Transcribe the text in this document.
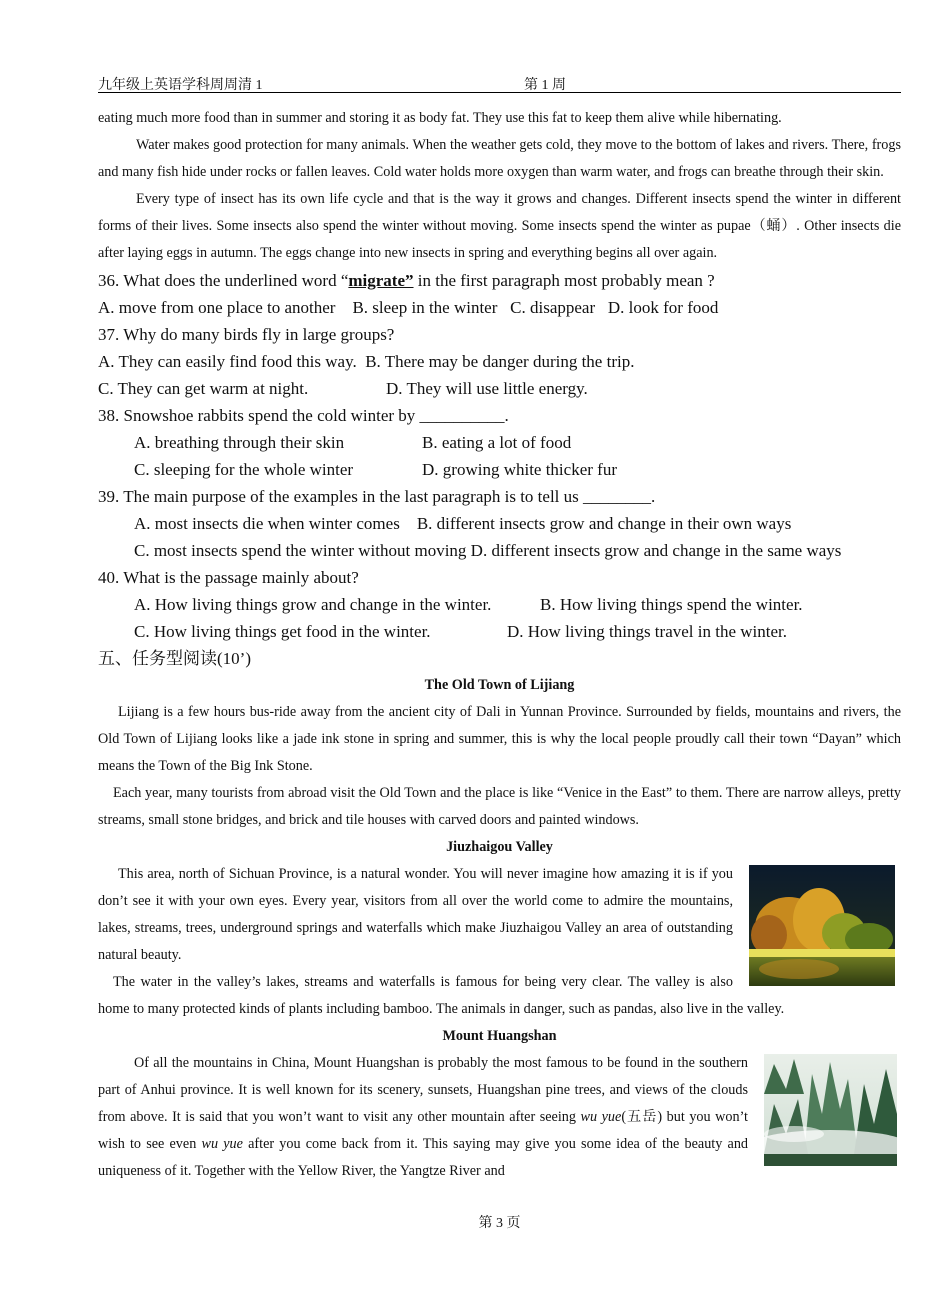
九年级上英语学科周周清 1	第 1 周

eating much more food than in summer and storing it as body fat. They use this fat to keep them alive while hibernating.

Water makes good protection for many animals. When the weather gets cold, they move to the bottom of lakes and rivers. There, frogs and many fish hide under rocks or fallen leaves. Cold water holds more oxygen than warm water, and frogs can breathe through their skin.

Every type of insect has its own life cycle and that is the way it grows and changes. Different insects spend the winter in different forms of their lives. Some insects also spend the winter without moving. Some insects spend the winter as pupae（蛹）. Other insects die after laying eggs in autumn. The eggs change into new insects in spring and everything begins all over again.

36. What does the underlined word “migrate” in the first paragraph most probably mean ?

A. move from one place to another B. sleep in the winter C. disappear D. look for food

37. Why do many birds fly in large groups?

A. They can easily find food this way. B. There may be danger during the trip.

C. They can get warm at night.	D. They will use little energy.

38. Snowshoe rabbits spend the cold winter by __________.

A. breathing through their skin	B. eating a lot of food

C. sleeping for the whole winter	D. growing white thicker fur

39. The main purpose of the examples in the last paragraph is to tell us ________.

A. most insects die when winter comes B. different insects grow and change in their own ways

C. most insects spend the winter without moving D. different insects grow and change in the same ways

40. What is the passage mainly about?

A. How living things grow and change in the winter.	B. How living things spend the winter.

C. How living things get food in the winter.	D. How living things travel in the winter.

五、任务型阅读(10’)

The Old Town of Lijiang

Lijiang is a few hours bus-ride away from the ancient city of Dali in Yunnan Province. Surrounded by fields, mountains and rivers, the Old Town of Lijiang looks like a jade ink stone in spring and summer, this is why the local people proudly call their town “Dayan” which means the Town of the Big Ink Stone.

Each year, many tourists from abroad visit the Old Town and the place is like “Venice in the East” to them. There are narrow alleys, pretty streams, small stone bridges, and brick and tile houses with carved doors and painted windows.

Jiuzhaigou Valley

This area, north of Sichuan Province, is a natural wonder. You will never imagine how amazing it is if you don’t see it with your own eyes. Every year, visitors from all over the world come to admire the mountains, lakes, streams, trees, underground springs and waterfalls which make Jiuzhaigou Valley an area of outstanding natural beauty.

The water in the valley’s lakes, streams and waterfalls is famous for being very clear. The valley is also home to many protected kinds of plants including bamboo. The animals in danger, such as pandas, also live in the valley.

Mount Huangshan

Of all the mountains in China, Mount Huangshan is probably the most famous to be found in the southern part of Anhui province. It is well known for its scenery, sunsets, Huangshan pine trees, and views of the clouds from above. It is said that you won’t want to visit any other mountain after seeing wu yue(五岳) but you won’t wish to see even wu yue after you come back from it. This saying may give you some idea of the beauty and uniqueness of it. Together with the Yellow River, the Yangtze River and

第 3 页
